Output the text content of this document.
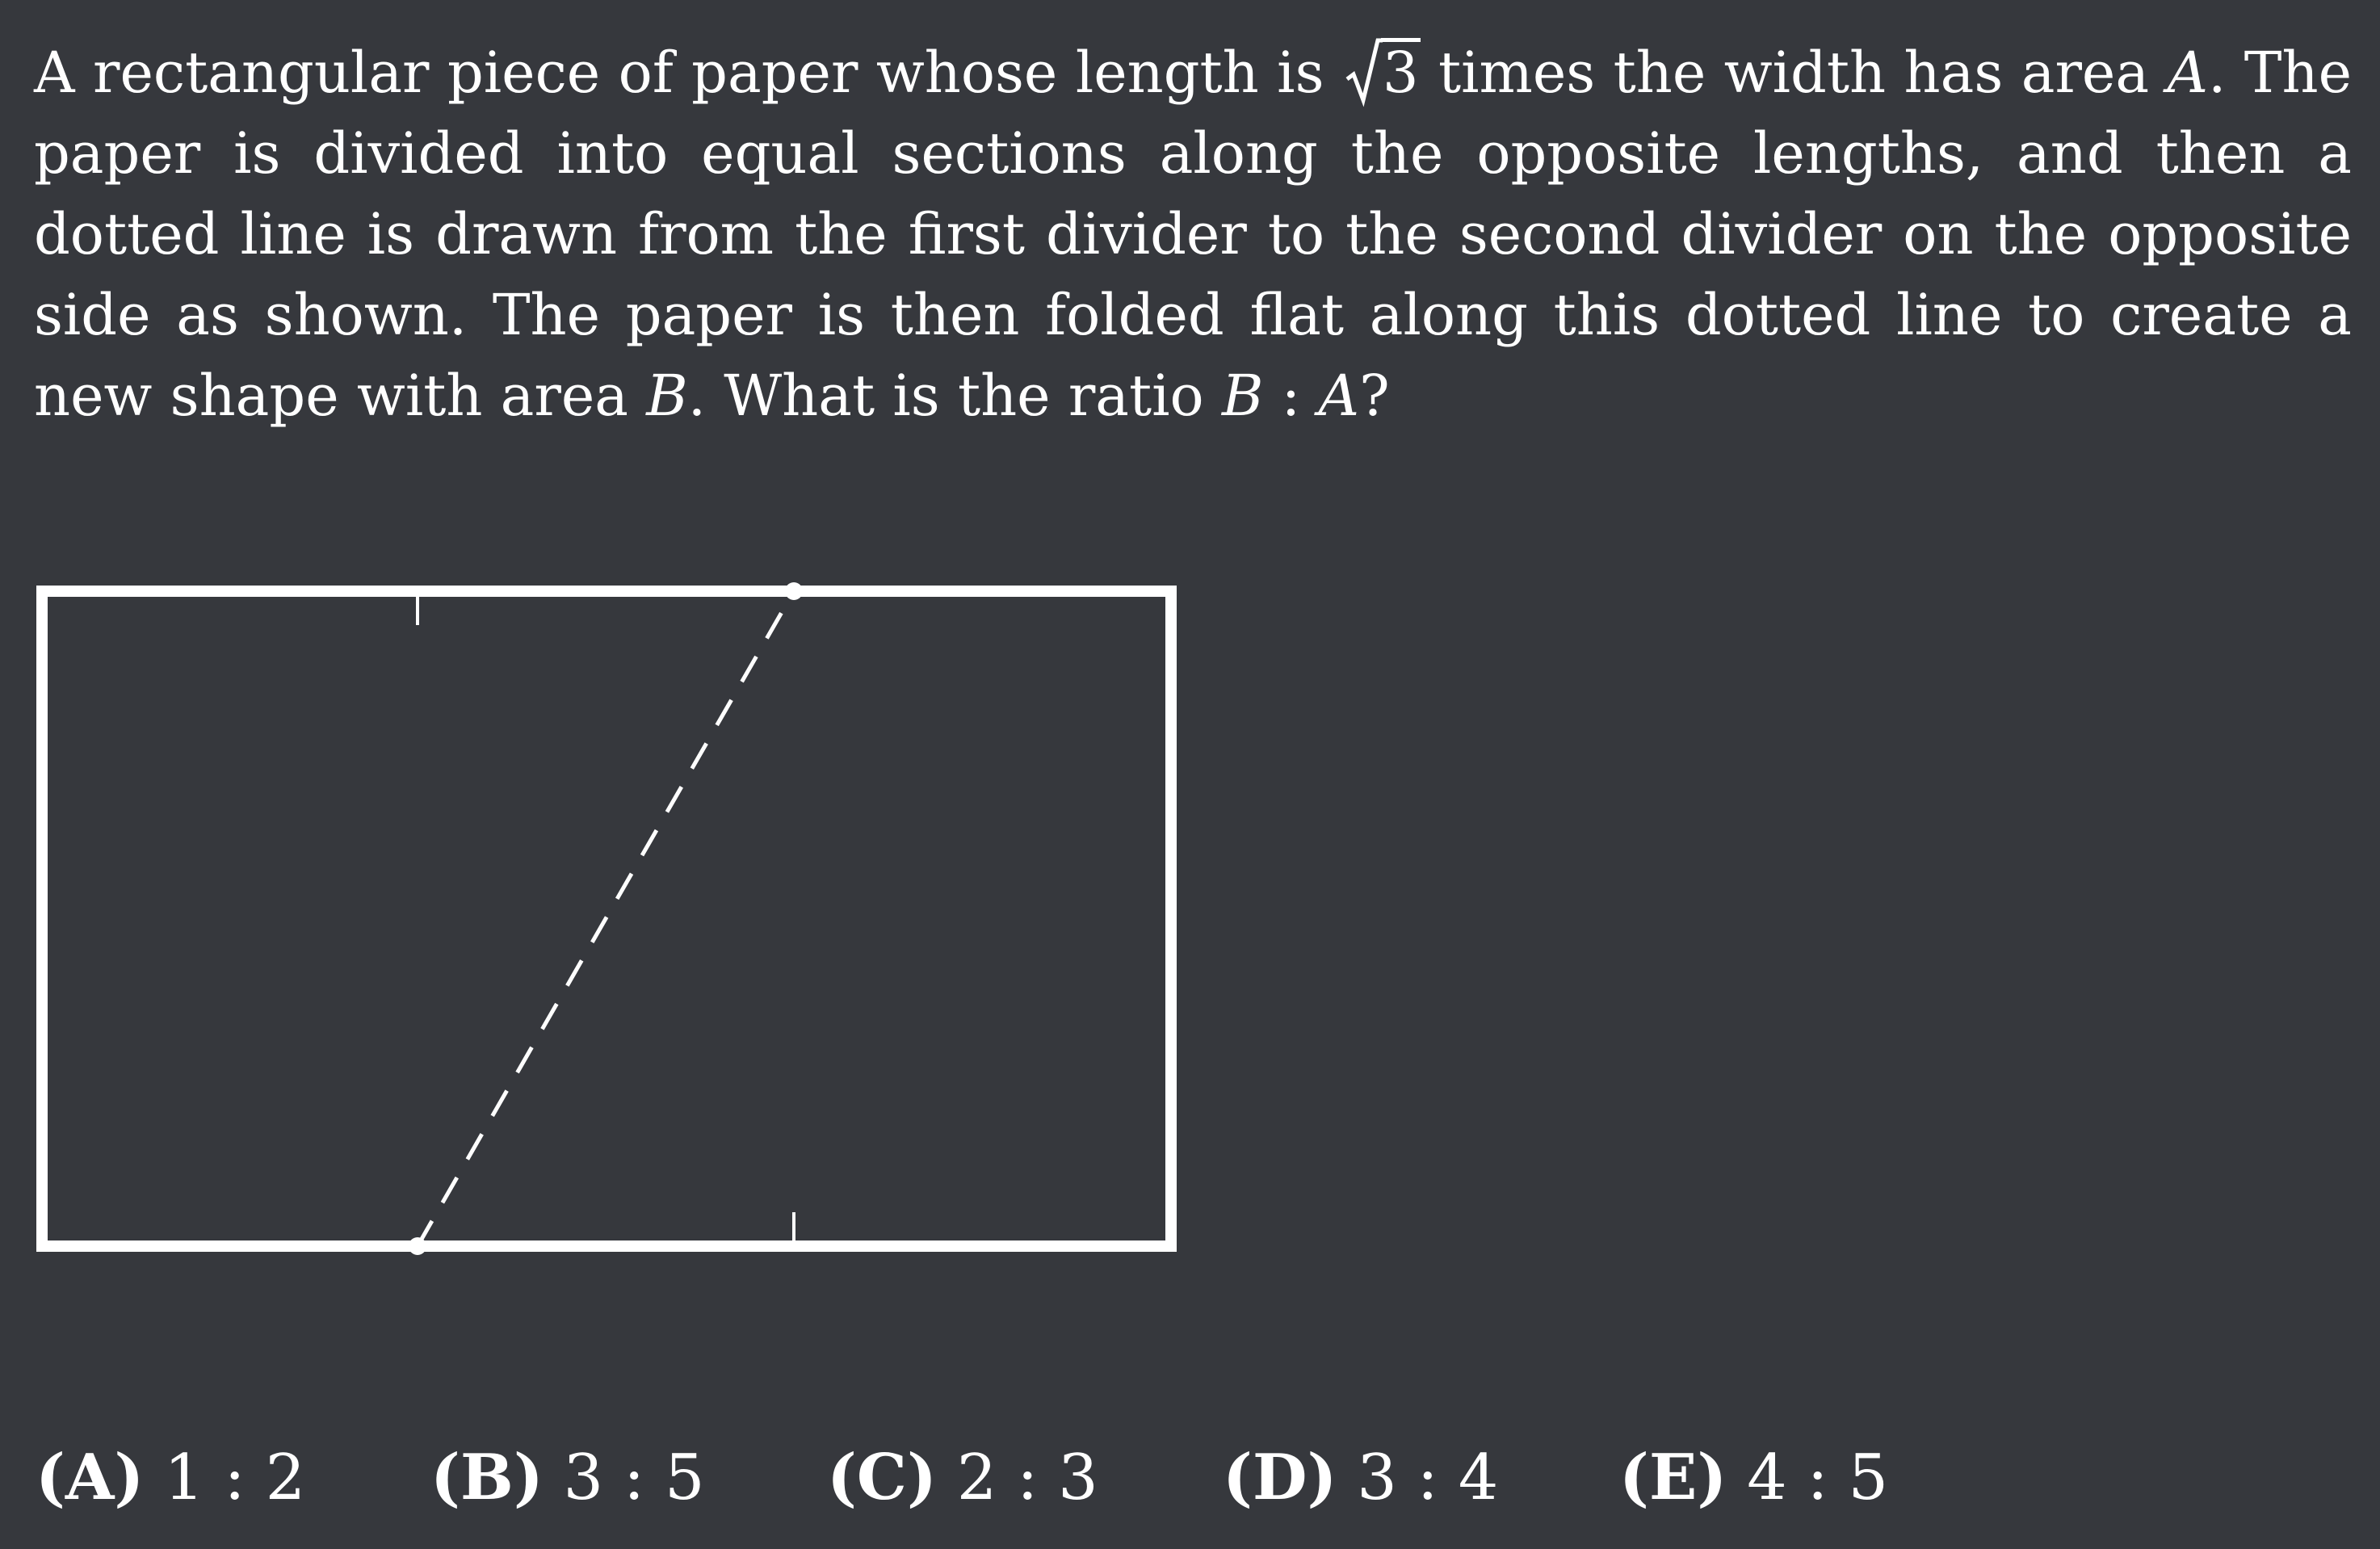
A rectangular piece of paper whose length is
3 times the width has area A. The paper is divided into equal sections along the opposite lengths, and then a dotted line is drawn from the first divider to the second divider on the opposite side as shown. The paper is then folded flat along this dotted line to create a new shape with area B. What is the ratio B : A?

(A) 1 : 2 (B) 3 : 5 (C) 2 : 3 (D) 3 : 4 (E) 4 : 5
